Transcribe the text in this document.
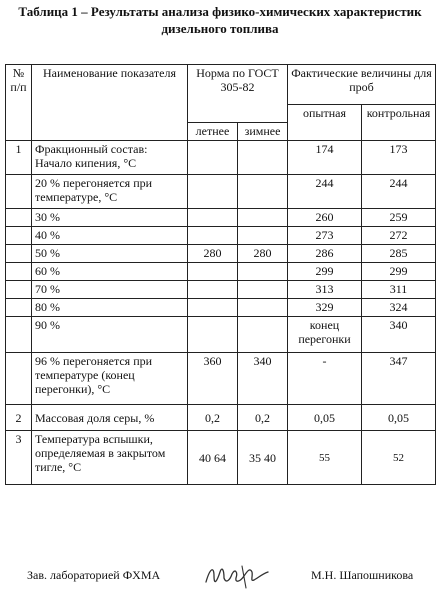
Таблица 1 – Результаты анализа физико-химических характеристик
дизельного топлива
№ п/п	Наименование показателя	Норма по ГОСТ 305-82		Фактические величины для проб	
				опытная	контрольная
		летнее	зимнее		
1	Фракционный состав: Начало кипения, °С			174	173
	20 % перегоняется при температуре, °С			244	244
	30 %			260	259
	40 %			273	272
	50 %	280	280	286	285
	60 %			299	299
	70 %			313	311
	80 %			329	324
	90 %			конец перегонки	340
	96 % перегоняется при температуре (конец перегонки), °С	360	340	-	347
2	Массовая доля серы, %	0,2	0,2	0,05	0,05
3	Температура вспышки, определяемая в закрытом тигле, °С	40 64	35 40	55	52
Зав. лабораторией ФХМА	М.Н. Шапошникова
